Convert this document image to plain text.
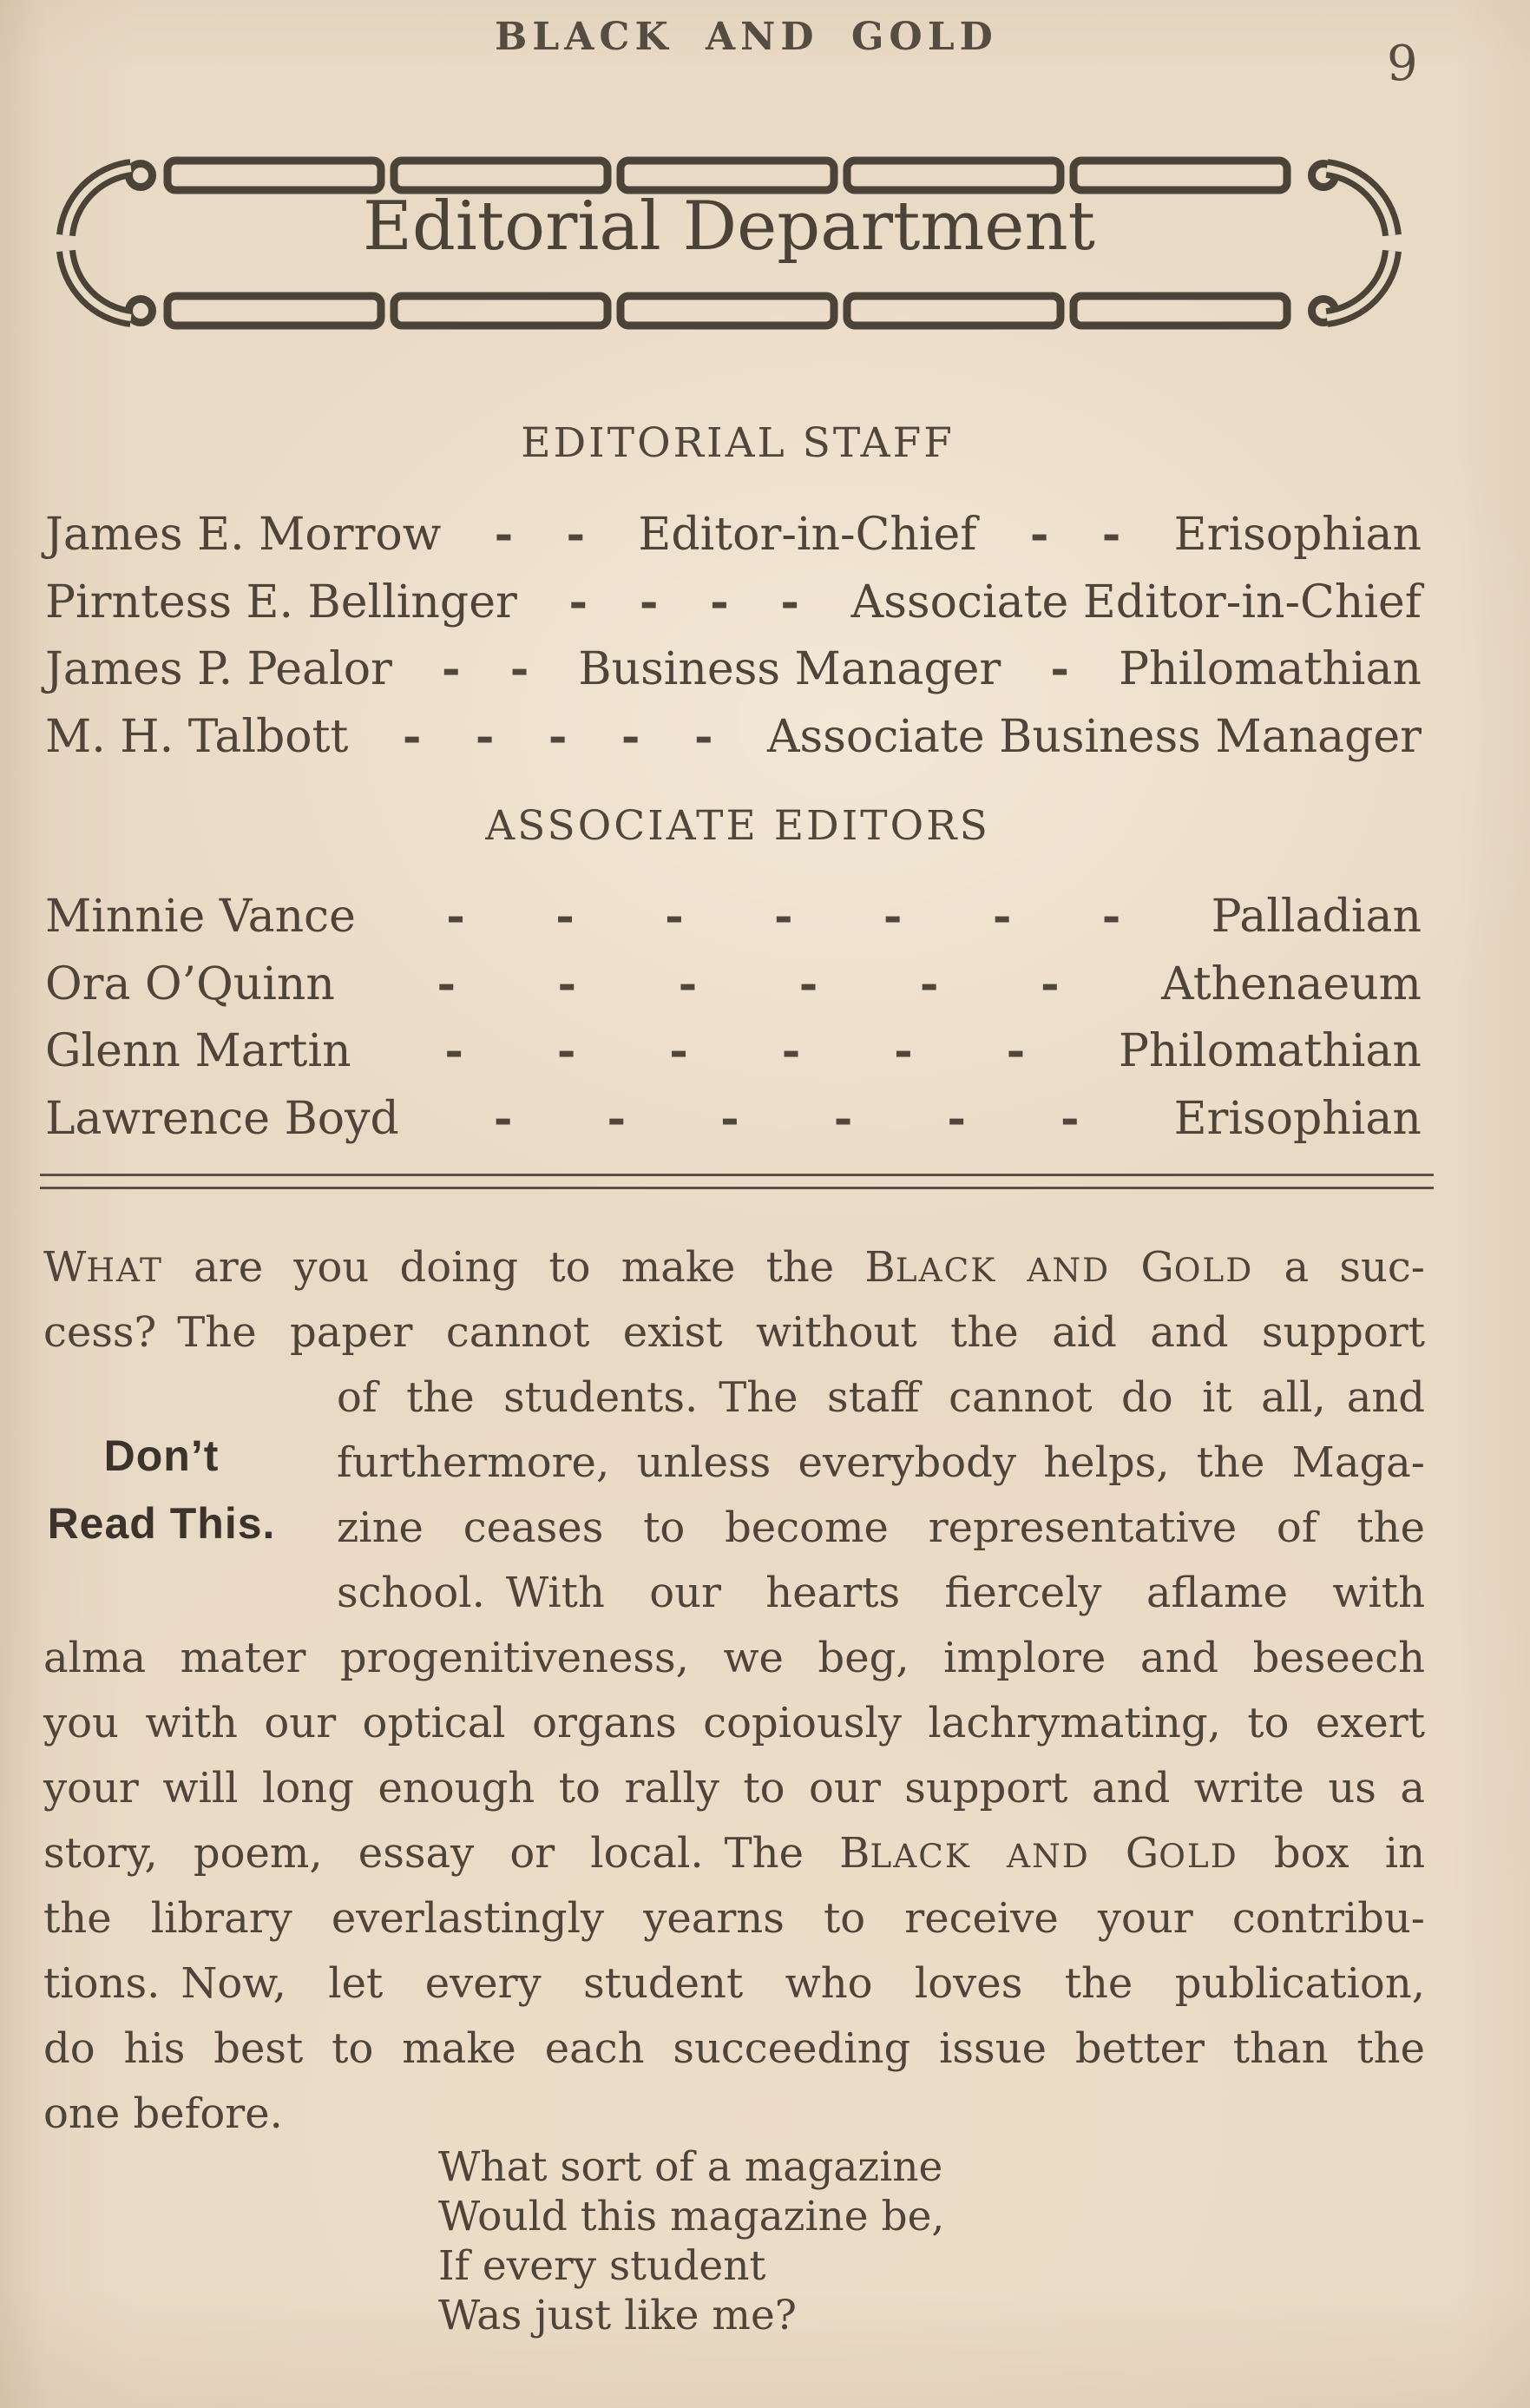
BLACK AND GOLD	9
Editorial Department
EDITORIAL STAFF
James E. Morrow - - Editor-in-Chief - - Erisophian
Pirntess E. Bellinger - - - - Associate Editor-in-Chief
James P. Pealor - - Business Manager - Philomathian
M. H. Talbott - - - - - Associate Business Manager
ASSOCIATE EDITORS
Minnie Vance - - - - - - - Palladian
Ora O’Quinn - - - - - - Athenaeum
Glenn Martin - - - - - - Philomathian
Lawrence Boyd - - - - - - Erisophian
Don’t
Read This.
WHAT are you doing to make the BLACK AND GOLD a suc-
cess? The paper cannot exist without the aid and support
of the students. The staff cannot do it all, and
furthermore, unless everybody helps, the Maga-
zine ceases to become representative of the
school. With our hearts fiercely aflame with
alma mater progenitiveness, we beg, implore and beseech
you with our optical organs copiously lachrymating, to exert
your will long enough to rally to our support and write us a
story, poem, essay or local. The BLACK AND GOLD box in
the library everlastingly yearns to receive your contribu-
tions. Now, let every student who loves the publication,
do his best to make each succeeding issue better than the
one before.
What sort of a magazine
Would this magazine be,
If every student
Was just like me?
